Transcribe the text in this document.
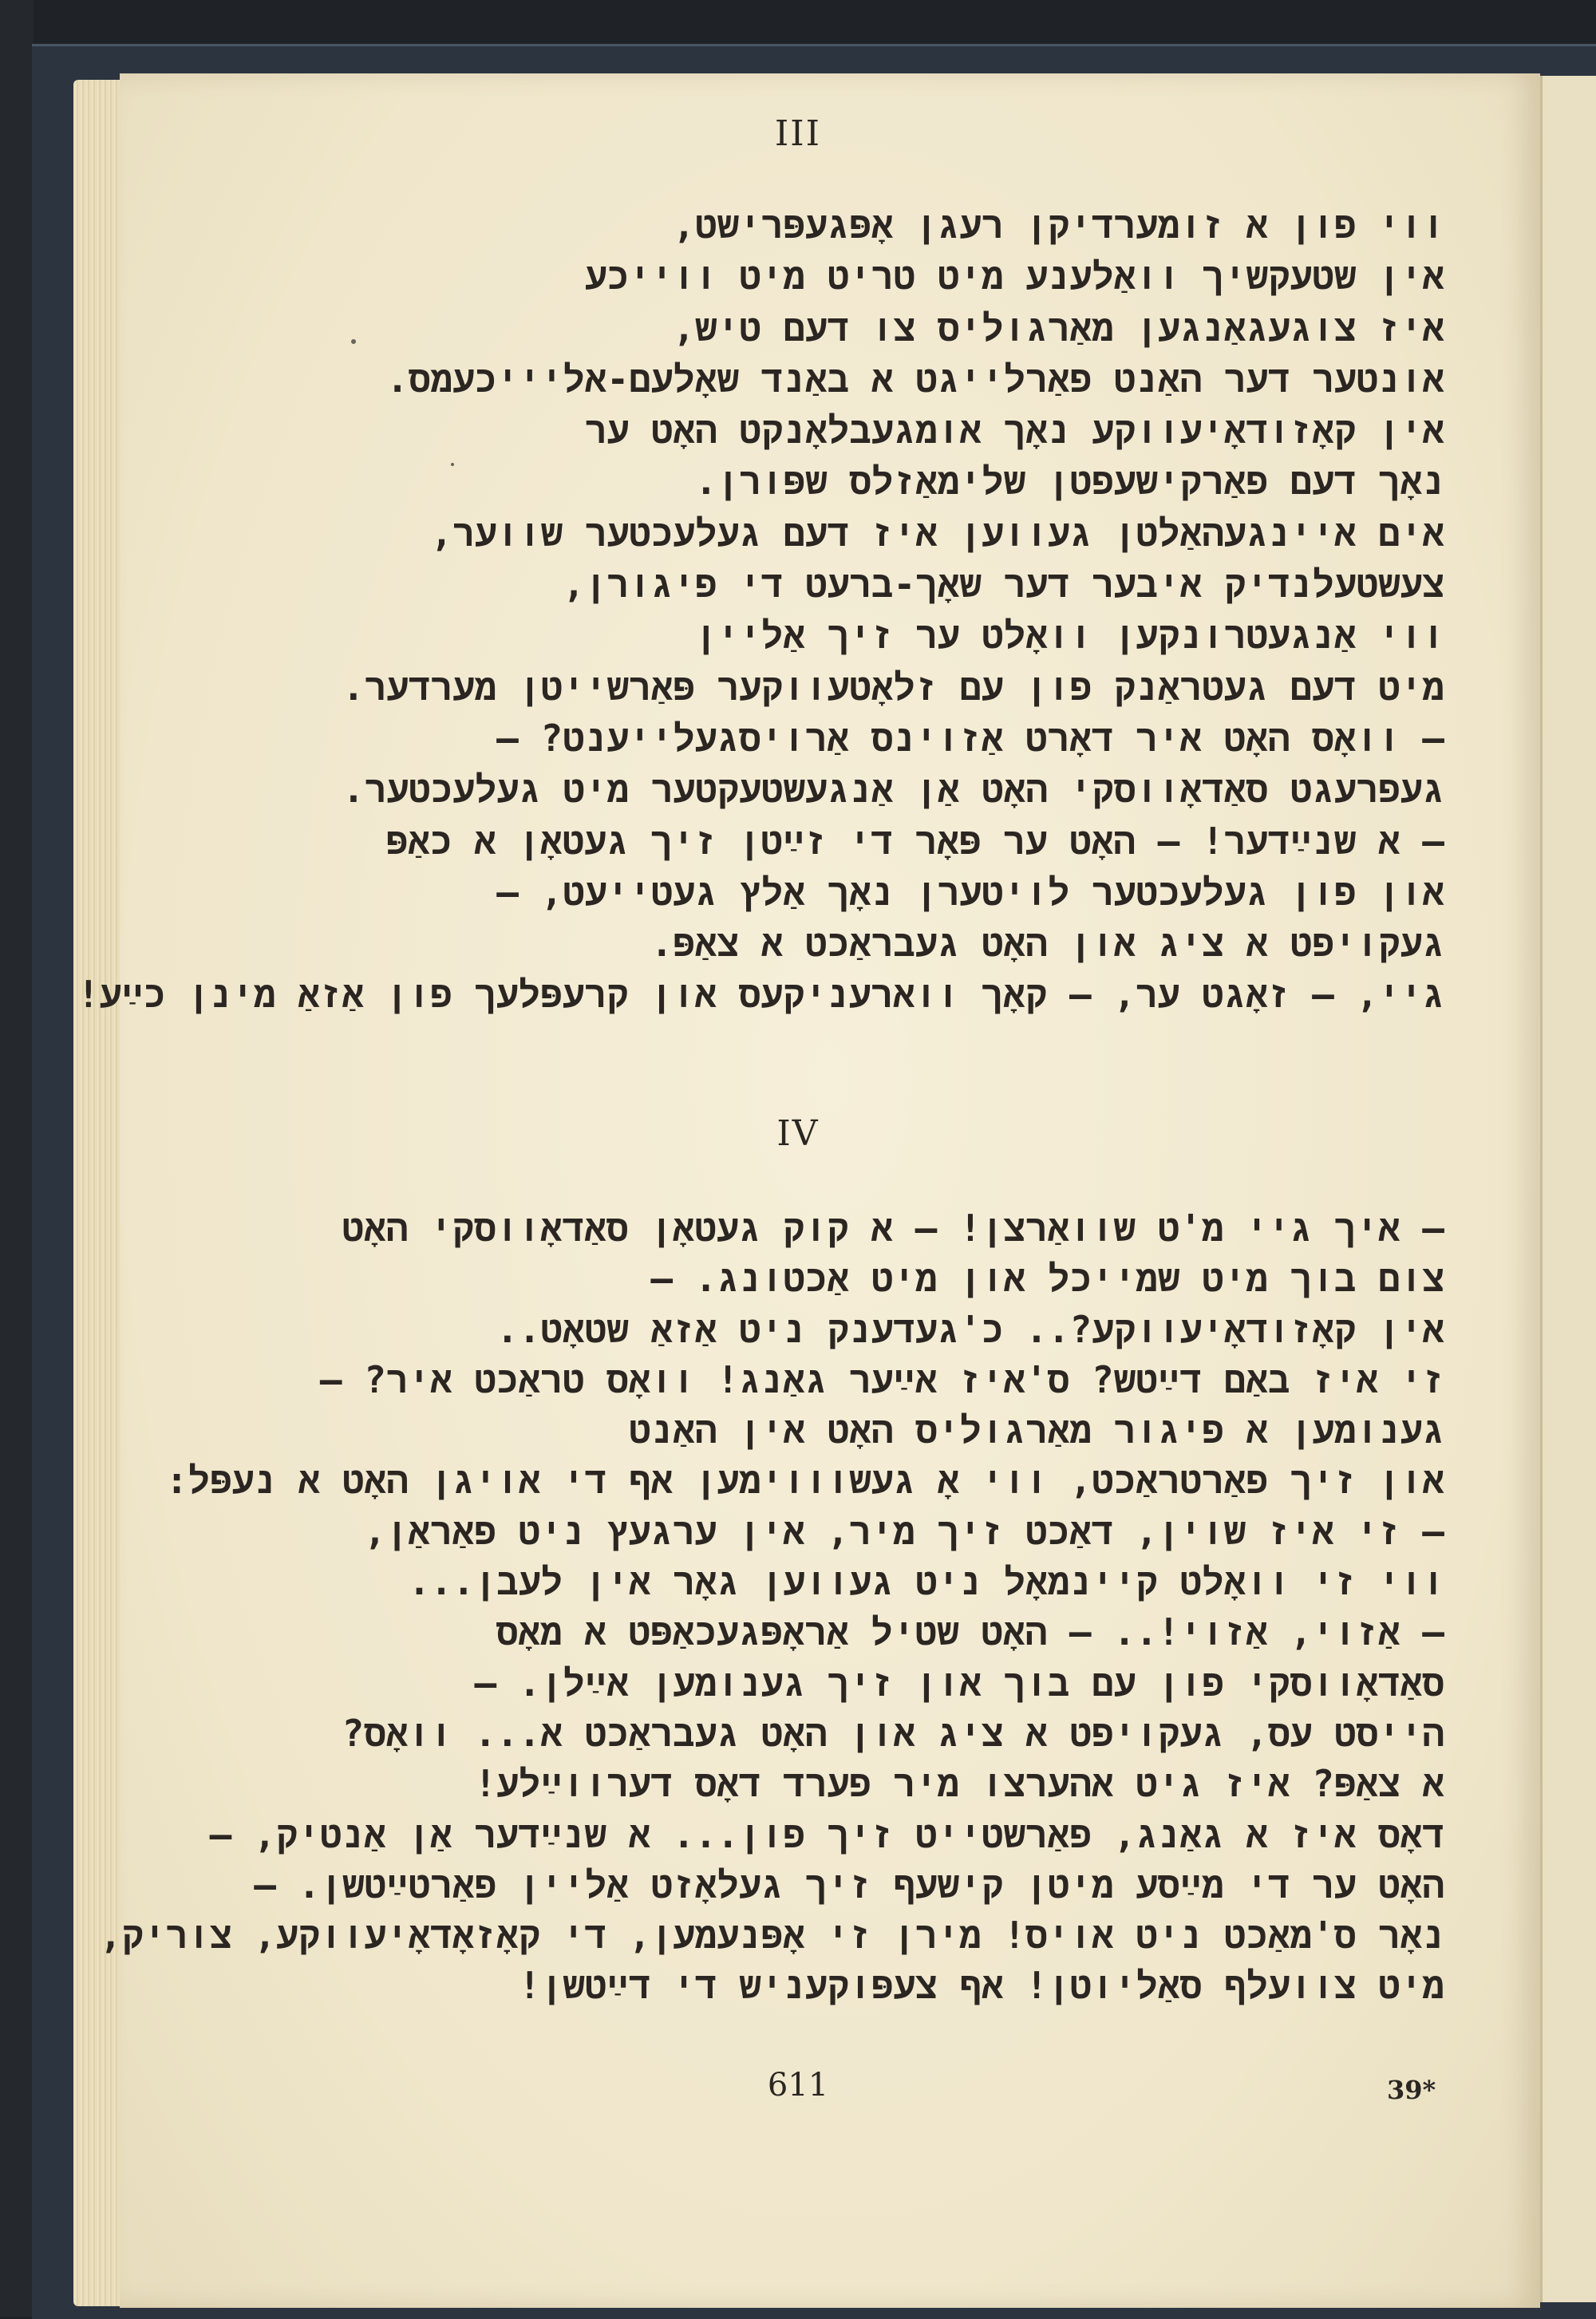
III
ווי פון א זומערדיקן רעגן אָפּגעפּרישט,
אין שטעקשיך וואַלענע מיט טריט מיט ווייכע
איז צוגעגאַנגען מאַרגוליס צו דעם טיש,
אונטער דער האַנט פאַרלייגט א באַנד שאָלעם-אליייכעמס.
אין קאָזודאָיעווקע נאָך אומגעבלאָנקט האָט ער
נאָך דעם פאַרקישעפטן שלימאַזלס שפּורן.
אים איינגעהאַלטן געווען איז דעם געלעכטער שווער,
צעשטעלנדיק איבער דער שאָך-ברעט די פיגורן,
ווי אַנגעטרונקען וואָלט ער זיך אַליין
מיט דעם געטראַנק פון עם זלאָטעווקער פּאַרשייטן מערדער.
— וואָס האָט איר דאָרט אַזוינס אַרויסגעלייענט? —
געפרעגט סאַדאָווסקי האָט אַן אַנגעשטעקטער מיט געלעכטער.
— א שנײַדער! — האָט ער פּאָר די זײַטן זיך געטאָן א כאַפּ
און פון געלעכטער לויטערן נאָך אַלץ געטייעט, —
געקויפט א ציג און האָט געבראַכט א צאַפּ.
גיי, — זאָגט ער, — קאָך ווארעניקעס און קרעפּלעך פון אַזאַ מינן כײַע!
IV
— איך גיי מ'ט שוואַרצן! — א קוק געטאָן סאַדאָווסקי האָט
צום בוך מיט שמייכל און מיט אַכטונג. —
אין קאָזודאָיעווקע?.. כ'געדענק ניט אַזאַ שטאָט..
זי איז באַם דײַטש? ס'איז אײַער גאַנג! וואָס טראַכט איר? —
גענומען א פיגור מאַרגוליס האָט אין האַנט
און זיך פאַרטראַכט, ווי אָ געשוווימען אף די אויגן האָט א נעפּל:
— זי איז שוין, דאַכט זיך מיר, אין ערגעץ ניט פאַראַן,
ווי זי וואָלט קיינמאָל ניט געווען גאָר אין לעבן...
— אַזוי, אַזוי!.. — האָט שטיל אַראָפּגעכאַפּט א מאָס
סאַדאָווסקי פון עם בוך און זיך גענומען אײַלן. —
הייסט עס, געקויפט א ציג און האָט געבראַכט א... וואָס?
א צאַפּ? איז גיט אהערצו מיר פערד דאָס דערווײַלע!
דאָס איז א גאַנג, פאַרשטייט זיך פון... א שנײַדער אַן אַנטיק, —
האָט ער די מײַסע מיטן קישעף זיך געלאָזט אַליין פאַרטײַטשן. —
נאָר ס'מאַכט ניט אויס! מירן זי אָפּנעמען, די קאָזאָדאָיעווקע, צוריק,
מיט צוועלף סאַליוטן! אף צעפּוקעניש די דײַטשן!
611	39*
